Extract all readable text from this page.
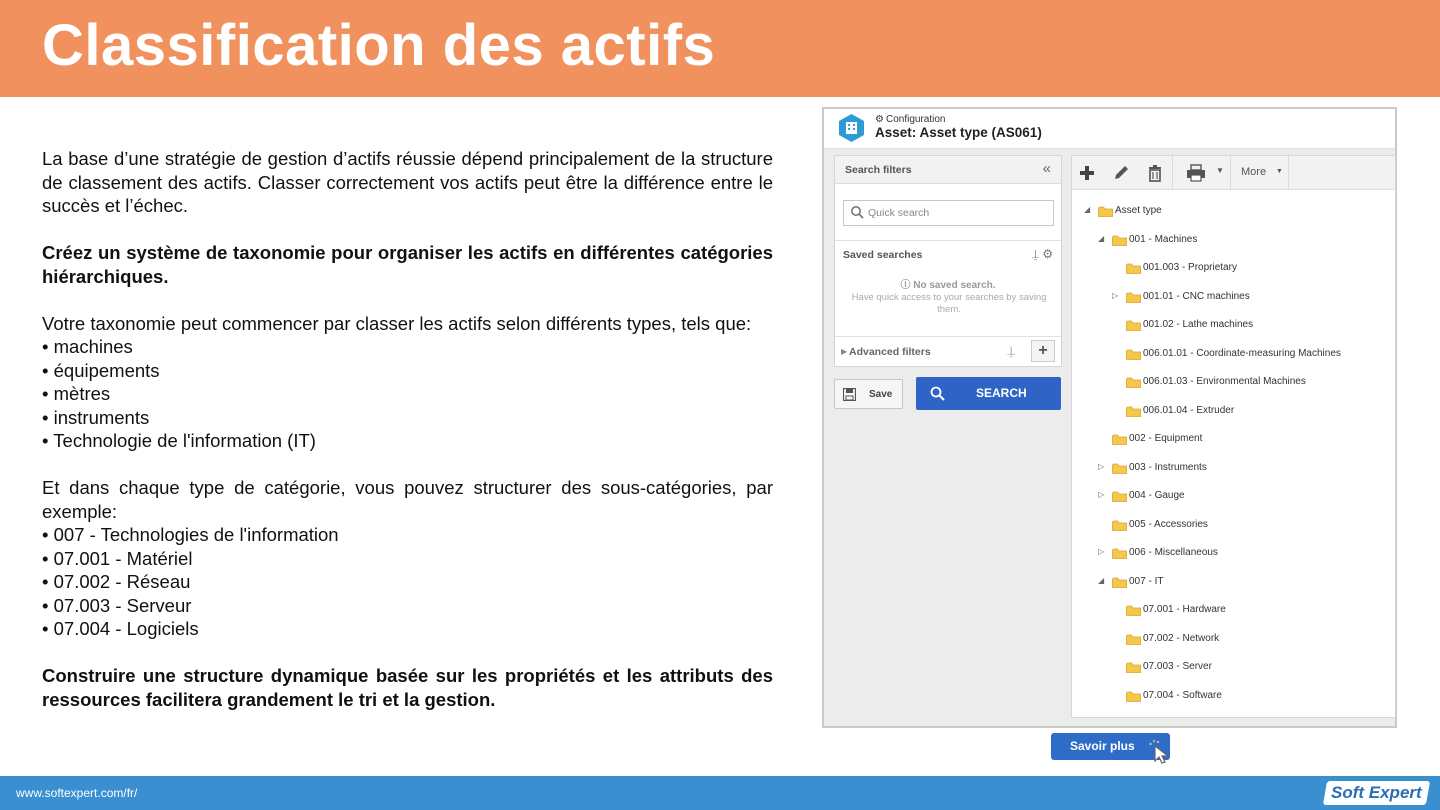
Classification des actifs

La base d’une stratégie de gestion d’actifs réussie dépend principalement de la structure de classement des actifs. Classer correctement vos actifs peut être la différence entre le succès et l’échec.

Créez un système de taxonomie pour organiser les actifs en différentes catégories hiérarchiques.

Votre taxonomie peut commencer par classer les actifs selon différents types, tels que:

• machines
• équipements
• mètres
• instruments
• Technologie de l'information (IT)

Et dans chaque type de catégorie, vous pouvez structurer des sous-catégories, par exemple:

• 007 - Technologies de l'information
• 07.001 - Matériel
• 07.002 - Réseau
• 07.003 - Serveur
• 07.004 - Logiciels

Construire une structure dynamique basée sur les propriétés et les attributs des ressources facilitera grandement le tri et la gestion.

⚙ Configuration
Asset: Asset type (AS061)
Search filters	«
Quick search
Saved searches	⍊ ⚙
ⓘ No saved search.
Have quick access to your searches by saving them.
▶ Advanced filters	⍊	+
Save	SEARCH
▼ More ▼
◢	Asset type
◢	001 - Machines
001.003 - Proprietary
▷	001.01 - CNC machines
001.02 - Lathe machines
006.01.01 - Coordinate-measuring Machines
006.01.03 - Environmental Machines
006.01.04 - Extruder
002 - Equipment
▷	003 - Instruments
▷	004 - Gauge
005 - Accessories
▷	006 - Miscellaneous
◢	007 - IT
07.001 - Hardware
07.002 - Network
07.003 - Server
07.004 - Software
Savoir plus
www.softexpert.com/fr/	Soft Expert
